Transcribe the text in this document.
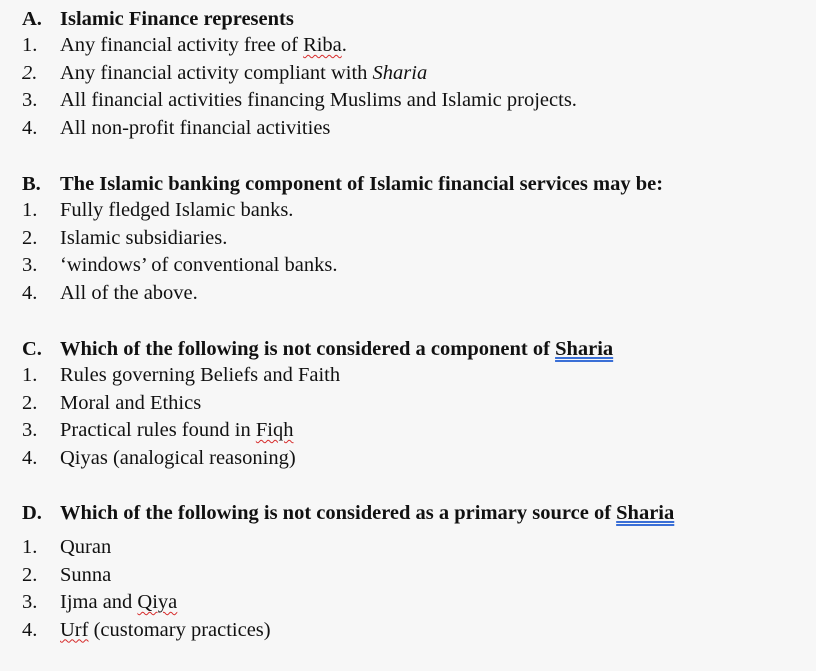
A. Islamic Finance represents
1. Any financial activity free of Riba.
2. Any financial activity compliant with Sharia
3. All financial activities financing Muslims and Islamic projects.
4. All non-profit financial activities
B. The Islamic banking component of Islamic financial services may be:
1. Fully fledged Islamic banks.
2. Islamic subsidiaries.
3. ‘windows’ of conventional banks.
4. All of the above.
C. Which of the following is not considered a component of Sharia
1. Rules governing Beliefs and Faith
2. Moral and Ethics
3. Practical rules found in Fiqh
4. Qiyas (analogical reasoning)
D. Which of the following is not considered as a primary source of Sharia
1. Quran
2. Sunna
3. Ijma and Qiya
4. Urf (customary practices)
